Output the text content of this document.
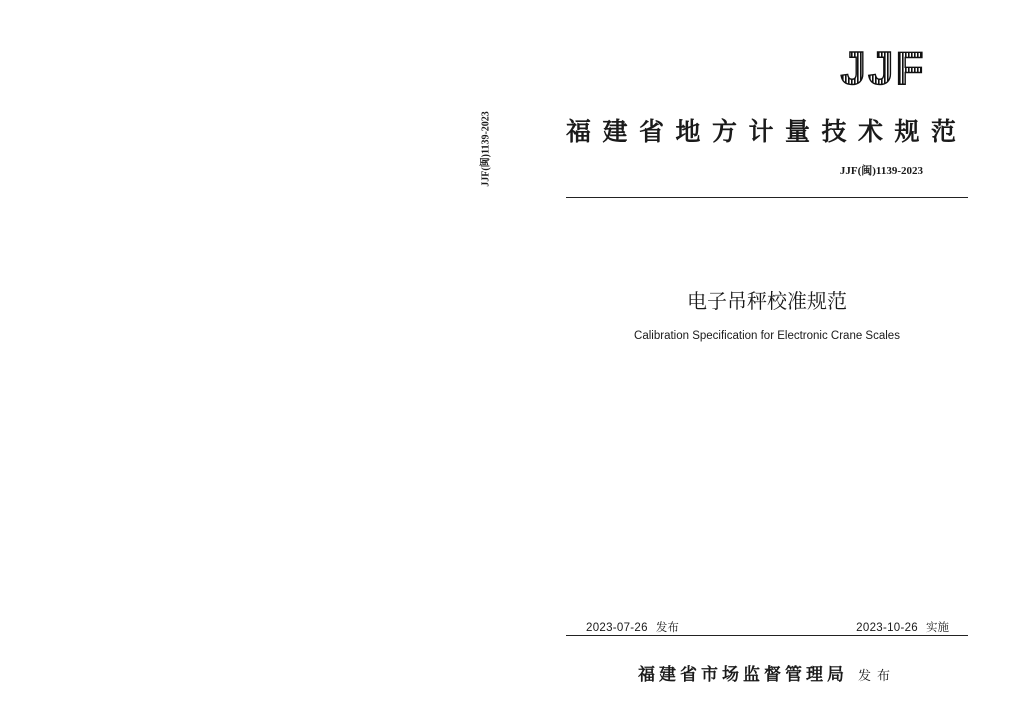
JJF(闽)1139-2023
JJF
福建省地方计量技术规范
JJF(闽)1139-2023
电子吊秤校准规范
Calibration Specification for Electronic Crane Scales
2023-07-26 发布	2023-10-26 实施
福建省市场监督管理局 发布
